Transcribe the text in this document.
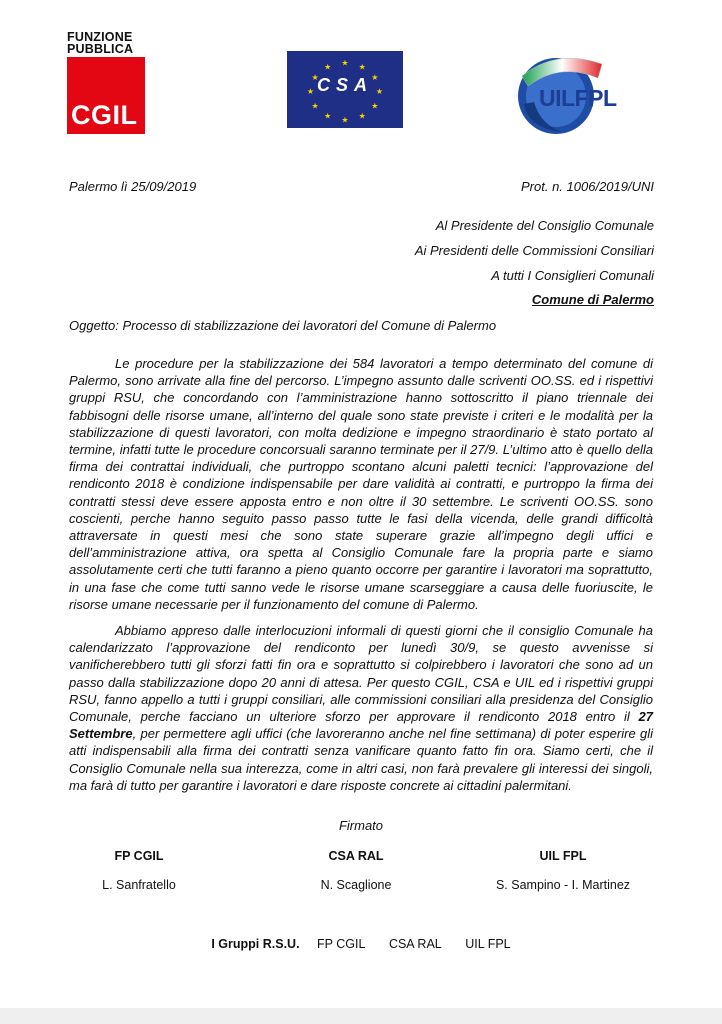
FUNZIONE
PUBBLICA
CGIL
★
★
★
★
★
★
★
★
★ ★ ★
★
CSA	UILFPL
Palermo lì 25/09/2019	Prot. n. 1006/2019/UNI
Al Presidente del Consiglio Comunale
Ai Presidenti delle Commissioni Consiliari
A tutti I Consiglieri Comunali
Comune di Palermo
Oggetto: Processo di stabilizzazione dei lavoratori del Comune di Palermo

Le procedure per la stabilizzazione dei 584 lavoratori a tempo determinato del comune di Palermo, sono arrivate alla fine del percorso. L’impegno assunto dalle scriventi OO.SS. ed i rispettivi gruppi RSU, che concordando con l’amministrazione hanno sottoscritto il piano triennale dei fabbisogni delle risorse umane, all’interno del quale sono state previste i criteri e le modalità per la stabilizzazione di questi lavoratori, con molta dedizione e impegno straordinario è stato portato al termine, infatti tutte le procedure concorsuali saranno terminate per il 27/9. L’ultimo atto è quello della firma dei contrattai individuali, che purtroppo scontano alcuni paletti tecnici: l’approvazione del rendiconto 2018 è condizione indispensabile per dare validità ai contratti, e purtroppo la firma dei contratti stessi deve essere apposta entro e non oltre il 30 settembre. Le scriventi OO.SS. sono coscienti, perche hanno seguito passo passo tutte le fasi della vicenda, delle grandi difficoltà attraversate in questi mesi che sono state superare grazie all’impegno degli uffici e dell’amministrazione attiva, ora spetta al Consiglio Comunale fare la propria parte e siamo assolutamente certi che tutti faranno a pieno quanto occorre per garantire i lavoratori ma soprattutto, in una fase che come tutti sanno vede le risorse umane scarseggiare a causa delle fuoriuscite, le risorse umane necessarie per il funzionamento del comune di Palermo.

Abbiamo appreso dalle interlocuzioni informali di questi giorni che il consiglio Comunale ha calendarizzato l’approvazione del rendiconto per lunedì 30/9, se questo avvenisse si vanificherebbero tutti gli sforzi fatti fin ora e soprattutto si colpirebbero i lavoratori che sono ad un passo dalla stabilizzazione dopo 20 anni di attesa. Per questo CGIL, CSA e UIL ed i rispettivi gruppi RSU, fanno appello a tutti i gruppi consiliari, alle commissioni consiliari alla presidenza del Consiglio Comunale, perche facciano un ulteriore sforzo per approvare il rendiconto 2018 entro il 27 Settembre, per permettere agli uffici (che lavoreranno anche nel fine settimana) di poter esperire gli atti indispensabili alla firma dei contratti senza vanificare quanto fatto fin ora. Siamo certi, che il Consiglio Comunale nella sua interezza, come in altri casi, non farà prevalere gli interessi dei singoli, ma farà di tutto per garantire i lavoratori e dare risposte concrete ai cittadini palermitani.

Firmato
FP CGIL	CSA RAL	UIL FPL
L. Sanfratello	N. Scaglione	S. Sampino - I. Martinez
I Gruppi R.S.U. FP CGIL CSA RAL UIL FPL
